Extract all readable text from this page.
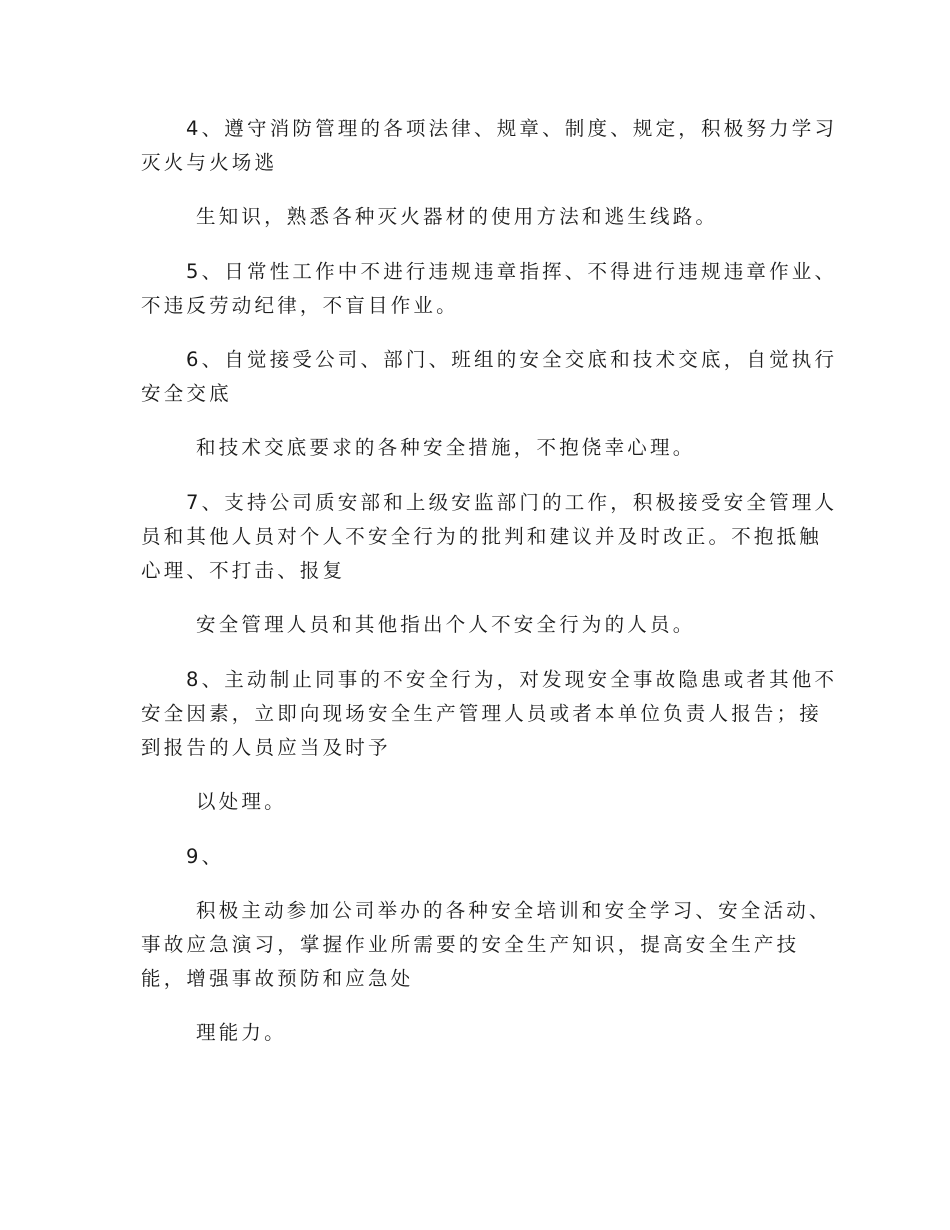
4、遵守消防管理的各项法律、规章、制度、规定，积极努力学习
灭火与火场逃
生知识，熟悉各种灭火器材的使用方法和逃生线路。
5、日常性工作中不进行违规违章指挥、不得进行违规违章作业、
不违反劳动纪律，不盲目作业。
6、自觉接受公司、部门、班组的安全交底和技术交底，自觉执行
安全交底
和技术交底要求的各种安全措施，不抱侥幸心理。
7、支持公司质安部和上级安监部门的工作，积极接受安全管理人
员和其他人员对个人不安全行为的批判和建议并及时改正。不抱抵触
心理、不打击、报复
安全管理人员和其他指出个人不安全行为的人员。
8、主动制止同事的不安全行为，对发现安全事故隐患或者其他不
安全因素，立即向现场安全生产管理人员或者本单位负责人报告；接
到报告的人员应当及时予
以处理。
9、
积极主动参加公司举办的各种安全培训和安全学习、安全活动、
事故应急演习，掌握作业所需要的安全生产知识，提高安全生产技
能，增强事故预防和应急处
理能力。
